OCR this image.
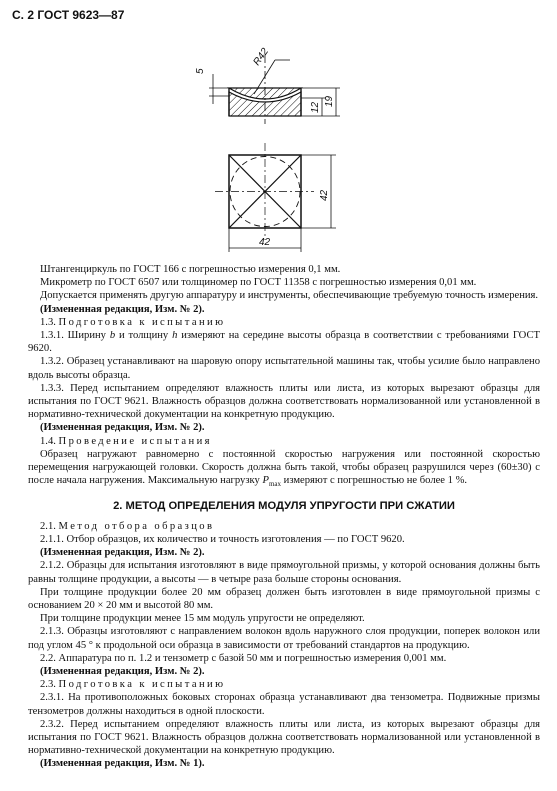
С. 2 ГОСТ 9623—87
5
R42
12
19
42
42

Штангенциркуль по ГОСТ 166 с погрешностью измерения 0,1 мм.

Микрометр по ГОСТ 6507 или толщиномер по ГОСТ 11358 с погрешностью измерения 0,01 мм.

Допускается применять другую аппаратуру и инструменты, обеспечивающие требуемую точность измерения.

(Измененная редакция, Изм. № 2).

1.3. Подготовка к испытанию

1.3.1. Ширину b и толщину h измеряют на середине высоты образца в соответствии с требованиями ГОСТ 9620.

1.3.2. Образец устанавливают на шаровую опору испытательной машины так, чтобы усилие было направлено вдоль высоты образца.

1.3.3. Перед испытанием определяют влажность плиты или листа, из которых вырезают образцы для испытания по ГОСТ 9621. Влажность образцов должна соответствовать нормализованной или установленной в нормативно-технической документации на конкретную продукцию.

(Измененная редакция, Изм. № 2).

1.4. Проведение испытания

Образец нагружают равномерно с постоянной скоростью нагружения или постоянной скоростью перемещения нагружающей головки. Скорость должна быть такой, чтобы образец разрушился через (60±30) с после начала нагружения. Максимальную нагрузку $P_{max}$ измеряют с погрешностью не более 1 %.

2. МЕТОД ОПРЕДЕЛЕНИЯ МОДУЛЯ УПРУГОСТИ ПРИ СЖАТИИ

2.1. Метод отбора образцов

2.1.1. Отбор образцов, их количество и точность изготовления — по ГОСТ 9620.

(Измененная редакция, Изм. № 2).

2.1.2. Образцы для испытания изготовляют в виде прямоугольной призмы, у которой основания должны быть равны толщине продукции, а высоты — в четыре раза больше стороны основания.

При толщине продукции более 20 мм образец должен быть изготовлен в виде прямоугольной призмы с основанием 20 × 20 мм и высотой 80 мм.

При толщине продукции менее 15 мм модуль упругости не определяют.

2.1.3. Образцы изготовляют с направлением волокон вдоль наружного слоя продукции, поперек волокон или под углом 45 ° к продольной оси образца в зависимости от требований стандартов на продукцию.

2.2. Аппаратура по п. 1.2 и тензометр с базой 50 мм и погрешностью измерения 0,001 мм.

(Измененная редакция, Изм. № 2).

2.3. Подготовка к испытанию

2.3.1. На противоположных боковых сторонах образца устанавливают два тензометра. Подвижные призмы тензометров должны находиться в одной плоскости.

2.3.2. Перед испытанием определяют влажность плиты или листа, из которых вырезают образцы для испытания по ГОСТ 9621. Влажность образцов должна соответствовать нормализованной или установленной в нормативно-технической документации на конкретную продукцию.

(Измененная редакция, Изм. № 1).
